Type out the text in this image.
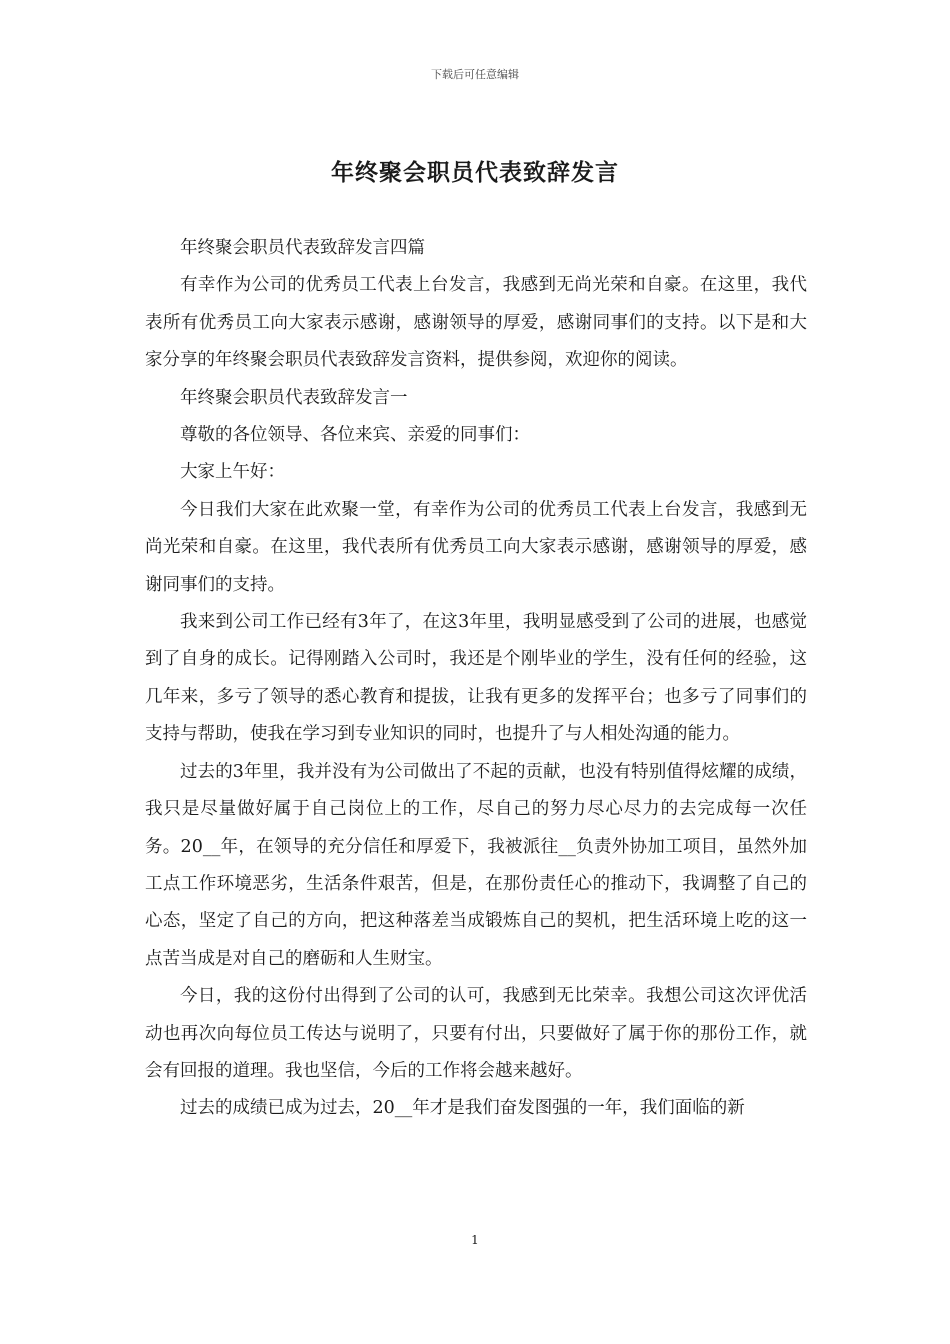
下载后可任意编辑
年终聚会职员代表致辞发言

年终聚会职员代表致辞发言四篇

有幸作为公司的优秀员工代表上台发言，我感到无尚光荣和自豪。在这里，我代表所有优秀员工向大家表示感谢，感谢领导的厚爱，感谢同事们的支持。以下是和大家分享的年终聚会职员代表致辞发言资料，提供参阅，欢迎你的阅读。

年终聚会职员代表致辞发言一

尊敬的各位领导、各位来宾、亲爱的同事们：

大家上午好：

今日我们大家在此欢聚一堂，有幸作为公司的优秀员工代表上台发言，我感到无尚光荣和自豪。在这里，我代表所有优秀员工向大家表示感谢，感谢领导的厚爱，感谢同事们的支持。

我来到公司工作已经有3年了，在这3年里，我明显感受到了公司的进展，也感觉到了自身的成长。记得刚踏入公司时，我还是个刚毕业的学生，没有任何的经验，这几年来，多亏了领导的悉心教育和提拔，让我有更多的发挥平台；也多亏了同事们的支持与帮助，使我在学习到专业知识的同时，也提升了与人相处沟通的能力。

过去的3年里，我并没有为公司做出了不起的贡献，也没有特别值得炫耀的成绩，我只是尽量做好属于自己岗位上的工作，尽自己的努力尽心尽力的去完成每一次任务。20__年，在领导的充分信任和厚爱下，我被派往__负责外协加工项目，虽然外加工点工作环境恶劣，生活条件艰苦，但是，在那份责任心的推动下，我调整了自己的心态，坚定了自己的方向，把这种落差当成锻炼自己的契机，把生活环境上吃的这一点苦当成是对自己的磨砺和人生财宝。

今日，我的这份付出得到了公司的认可，我感到无比荣幸。我想公司这次评优活动也再次向每位员工传达与说明了，只要有付出，只要做好了属于你的那份工作，就会有回报的道理。我也坚信，今后的工作将会越来越好。

过去的成绩已成为过去，20__年才是我们奋发图强的一年，我们面临的新

1
